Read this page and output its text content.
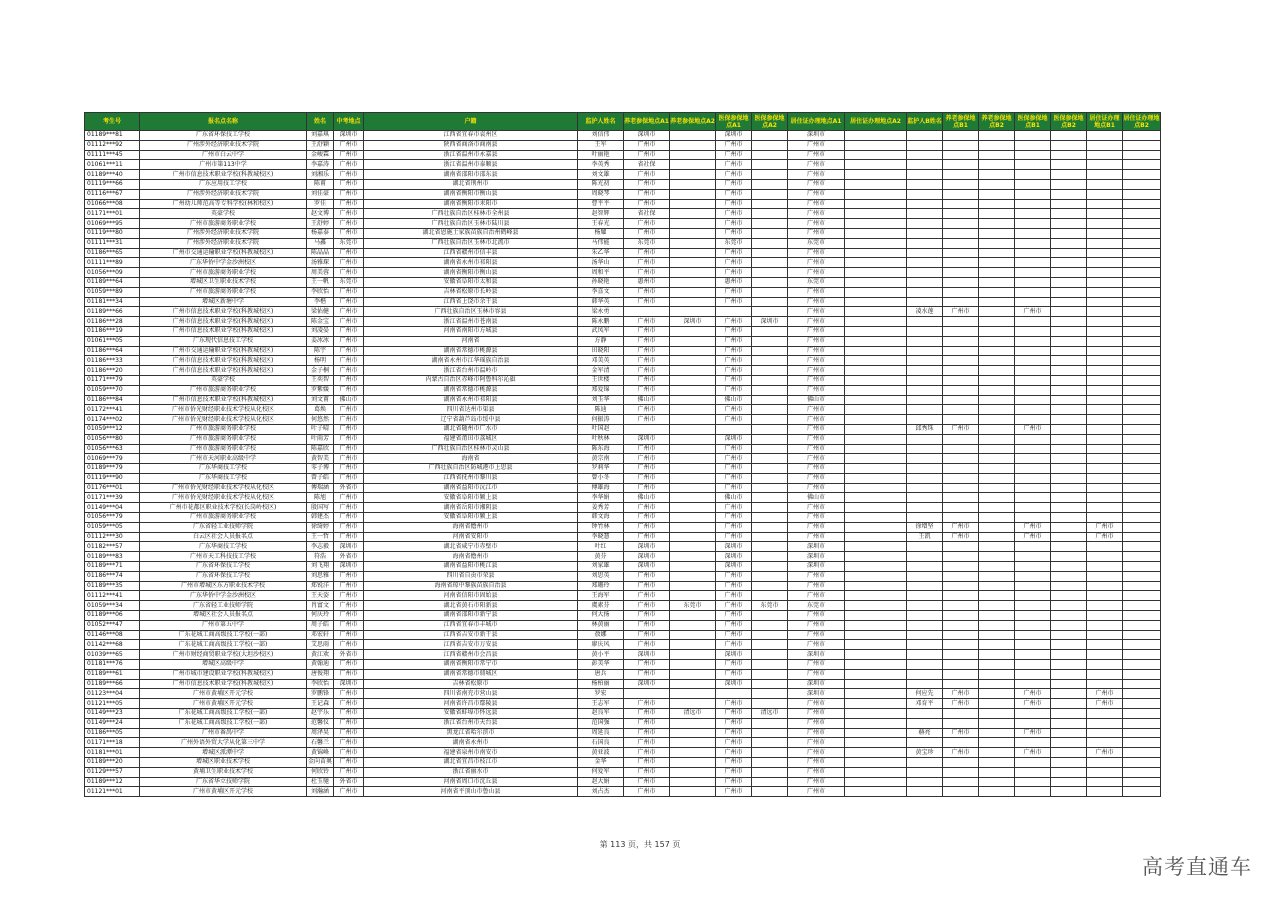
考生号	报名点名称	姓名	中考地点	户籍	监护人姓名	养老参保地点A1	养老参保地点A2	医保参保地点A1	医保参保地点A2	居住证办理地点A1	居住证办理地点A2	监护人B姓名	养老参保地点B1	养老参保地点B2	医保参保地点B1	医保参保地点B2	居住证办理地点B1	居住证办理地点B2
01189***81	广东省环保技工学校	刘嘉琪	深圳市	江西省宜春市袁州区	刘信伟	深圳市		深圳市		深圳市								
01112***92	广州涉外经济职业技术学院	王舒颖	广州市	陕西省商洛市商南县	王军	广州市		广州市		广州市								
01111***45	广州市白云中学	金峻霖	广州市	浙江省温州市永嘉县	叶丽艳	广州市		广州市		广州市								
01061***11	广州市第113中学	李嘉涛	广州市	浙江省温州市泰顺县	李英秀	省社保		广州市		广州市								
01189***40	广州市信息技术职业学校(科教城校区)	刘湘乐	广州市	湖南省邵阳市邵东县	刘文雄	广州市		广州市		广州市								
01119***66	广东应用技工学校	陈甫	广州市	湖北省荆州市	陈光初	广州市		广州市		广州市								
01116***67	广州涉外经济职业技术学院	刘佳豪	广州市	湖南省衡阳市衡山县	周晓琴	广州市		广州市		广州市								
01066***08	广州幼儿师范高等专科学校(林和校区)	罗佳	广州市	湖南省衡阳市耒阳市	曹平平	广州市		广州市		广州市								
01171***01	英豪学校	赵文博	广州市	广西壮族自治区桂林市全州县	赵智辉	省社保		广州市		广州市								
01069***95	广州市旅游商务职业学校	王舒婷	广州市	广西壮族自治区玉林市陆川县	王春光	广州市		广州市		广州市								
01119***80	广州涉外经济职业技术学院	杨嘉泰	广州市	湖北省恩施土家族苗族自治州鹤峰县	杨耀	广州市		广州市		广州市								
01111***31	广州涉外经济职业技术学院	马鑫	东莞市	广西壮族自治区玉林市北流市	马伟能	东莞市		东莞市		东莞市								
01186***65	广州市交通运输职业学校(科教城校区)	陈晶晶	广州市	江西省赣州市信丰县	朱乙华	广州市		广州市		广州市								
01111***89	广东华侨中学金沙洲校区	汤雅琛	广州市	湖南省永州市祁阳县	汤华山	广州市		广州市		广州市								
01056***09	广州市旅游商务职业学校	周美蓉	广州市	湖南省衡阳市衡山县	周和平	广州市		广州市		广州市								
01189***64	增城区卫生职业技术学校	王一帆	东莞市	安徽省阜阳市太和县	孙晓艳	惠州市		惠州市		东莞市								
01059***89	广州市旅游商务职业学校	李欣怡	广州市	吉林省松原市长岭县	李喜文	广州市		广州市		广州市								
01181***34	增城区新塘中学	李楷	广州市	江西省上饶市余干县	韩华英	广州市		广州市		广州市								
01189***66	广州市信息技术职业学校(科教城校区)	梁佑健	广州市	广西壮族自治区玉林市容县	梁永勇					广州市		凌水莲	广州市		广州市			
01186***28	广州市信息技术职业学校(科教城校区)	陈金宝	广州市	浙江省温州市苍南县	陈永鹏	广州市	深圳市	广州市	深圳市	广州市								
01186***19	广州市信息技术职业学校(科教城校区)	刘凌晏	广州市	河南省南阳市方城县	武凤军	广州市		广州市		广州市								
01061***05	广东现代信息技工学校	姜冰冰	广州市	河南省	方静	广州市		广州市		广州市								
01186***64	广州市交通运输职业学校(科教城校区)	陈宇	广州市	湖南省常德市桃源县	田晓阳	广州市		广州市		广州市								
01186***33	广州市信息技术职业学校(科教城校区)	杨明	广州市	湖南省永州市江华瑶族自治县	邓美英	广州市		广州市		广州市								
01186***20	广州市信息技术职业学校(科教城校区)	金子桐	广州市	浙江省台州市温岭市	金军清	广州市		广州市		广州市								
01171***79	英豪学校	王奕智	广州市	内蒙古自治区赤峰市阿鲁科尔沁旗	王世楼	广州市		广州市		广州市								
01059***70	广州市旅游商务职业学校	罗紫媛	广州市	湖南省常德市桃源县	郑爱锦	广州市		广州市		广州市								
01186***84	广州市信息技术职业学校(科教城校区)	刘文甫	佛山市	湖南省永州市祁阳县	刘玉华	佛山市		佛山市		佛山市								
01172***41	广州市侨光财经职业技术学校从化校区	葛焕	广州市	四川省达州市渠县	陈迪	广州市		广州市		广州市								
01174***02	广州市侨光财经职业技术学校从化校区	何悠然	广州市	辽宁省葫芦岛市绥中县	何振涛	广州市		广州市		广州市								
01059***12	广州市旅游商务职业学校	叶子晴	广州市	湖北省随州市广水市	叶国赵					广州市		邱秀珠	广州市		广州市			
01056***80	广州市旅游商务职业学校	叶雨芳	广州市	福建省莆田市荔城区	叶秋林	深圳市		深圳市		广州市								
01056***63	广州市旅游商务职业学校	陈嘉欣	广州市	广西壮族自治区桂林市灵山县	陈东海	广州市		广州市		广州市								
01069***79	广州市天河职业高级中学	黄智美	广州市	海南省	黄宗南	广州市		广州市		广州市								
01189***79	广东华商技工学校	零子博	广州市	广西壮族自治区防城港市上思县	罗莉华	广州市		广州市		广州市								
01119***90	广东华商技工学校	曾子皓	广州市	江西省抚州市黎川县	曾小冬	广州市		广州市		广州市								
01176***01	广州市侨光财经职业技术学校从化校区	傅瑞涵	外省市	湖南省益阳市沅江市	傅雄海	广州市		广州市		广州市								
01171***39	广州市侨光财经职业技术学校从化校区	陈旭	广州市	安徽省阜阳市颍上县	李华娟	佛山市		佛山市		佛山市								
01149***04	广州市花都区职业技术学校(长岗岭校区)	殷国写	广州市	湖南省岳阳市湘阴县	姜秀芳	广州市		广州市		广州市								
01056***79	广州市旅游商务职业学校	韩建杰	广州市	安徽省阜阳市颍上县	韩文海	广州市		广州市		广州市								
01059***05	广东省轻工业技师学院	徐绮婷	广州市	海南省儋州市	钟竹林	广州市		广州市		广州市		徐增坚	广州市		广州市		广州市	
01112***30	白云区社会人员报名点	王一哲	广州市	河南省安阳市	李晓慧	广州市		广州市		广州市		王凯	广州市		广州市		广州市	
01182***57	广东华商技工学校	李志毅	深圳市	湖北省咸宁市赤壁市	叶红	深圳市		深圳市		深圳市								
01189***83	广州市天工科技技工学校	符浩	外省市	海南省儋州市	黄芬	深圳市		深圳市		深圳市								
01189***71	广东省环保技工学校	刘飞翔	深圳市	湖南省益阳市桃江县	刘家雄	深圳市		深圳市		深圳市								
01186***74	广东省环保技工学校	刘思雅	广州市	四川省自贡市荣县	刘思英	广州市		广州市		广州市								
01189***35	广州市增城区东方职业技术学校	郑锐洋	广州市	海南省琼中黎族苗族自治县	郑珊玲	广州市		广州市		广州市								
01112***41	广东华侨中学金沙洲校区	王天姿	广州市	河南省信阳市固始县	王海军	广州市		广州市		广州市								
01059***34	广东省轻工业技师学院	肖富文	广州市	湖北省黄石市阳新县	虞素芬	广州市	东莞市	广州市	东莞市	东莞市								
01189***06	增城区社会人员报名点	何庆玲	广州市	湖南省邵阳市新宁县	何大扬	广州市		广州市		广州市								
01052***47	广州市第五中学	周子皓	广州市	江西省宜春市丰城市	林黄丽	广州市		广州市		广州市								
01146***08	广东花城工商高级技工学校(一部)	邓宏轩	广州市	江西省吉安市新干县	敖娜	广州市		广州市		广州市								
01142***68	广东花城工商高级技工学校(一部)	艾思雨	广州市	江西省吉安市万安县	廖庆风	广州市		广州市		广州市								
01039***65	广州市财经商贸职业学校(大坦沙校区)	黄江欢	外省市	江西省赣州市会昌县	黄小平	深圳市		深圳市		深圳市								
01181***76	增城区高级中学	黄翰迪	广州市	湖南省衡阳市常宁市	彭美华	广州市		广州市		广州市								
01189***61	广州市城市建设职业学校(科教城校区)	唐俊翔	广州市	湖南省常德市鼎城区	唐兵	广州市		广州市		广州市								
01189***66	广州市信息技术职业学校(科教城校区)	李欣怡	深圳市	吉林省松原市	杨柏丽	深圳市		深圳市		深圳市								
01123***04	广州市黄埔区开元学校	罗鹏锋	广州市	四川省南充市营山县	罗宏					深圳市		何应先	广州市		广州市		广州市	
01121***05	广州市黄埔区开元学校	王记森	广州市	河南省许昌市鄢陵县	王志军	广州市		广州市		广州市		邓育平	广州市		广州市		广州市	
01149***23	广东花城工商高级技工学校(一部)	赵宇乐	广州市	安徽省蚌埠市怀远县	赵良军	广州市	清远市	广州市	清远市	广州市								
01149***24	广东花城工商高级技工学校(一部)	范馨仪	广州市	浙江省台州市天台县	范国强	广州市		广州市		广州市								
01186***05	广州市番禺中学	周泽昊	广州市	黑龙江省哈尔滨市	周延良	广州市		广州市		广州市		赫亮	广州市		广州市			
01171***18	广州外语外贸大学从化第三中学	石馨兰	广州市	湖南省永州市	石国良	广州市		广州市		广州市								
01181***01	增城区派潭中学	黄锦峰	广州市	福建省泉州市南安市	黄亚波	广州市		广州市		广州市		黄宝珍	广州市		广州市		广州市	
01189***20	增城区职业技术学校	金向苗奥	广州市	湖北省宜昌市枝江市	金华	广州市		广州市		广州市								
01129***57	黄埔卫生职业技术学校	何欣铃	广州市	浙江省丽水市	何爱军	广州市		广州市		广州市								
01189***12	广东省华立技师学院	杜玉驰	外省市	河南省周口市沈丘县	赵大娟	广州市		广州市		广州市								
01121***01	广州市黄埔区开元学校	刘瀚涵	广州市	河南省平顶山市鲁山县	刘占杰	广州市		广州市		广州市								
第 113 页，共 157 页
高考直通车
